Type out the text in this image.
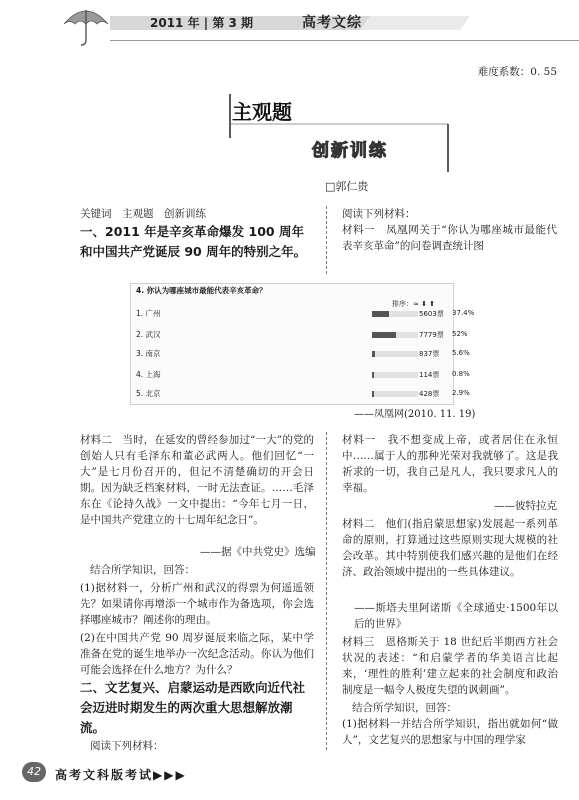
2011 年 | 第 3 期	高考文综
难度系数：0. 55
主观题
创新训练
□郭仁贵
关键词　主观题　创新训练
一、2011 年是辛亥革命爆发 100 周年和中国共产党诞辰 90 周年的特别之年。
阅读下列材料：
材料一　凤凰网关于“你认为哪座城市最能代表辛亥革命”的问卷调查统计图
4. 你认为哪座城市最能代表辛亥革命？
排序：≈ ⬇ ⬆
1. 广州	5603票 37.4%
2. 武汉	7779票 52%
3. 南京	837票 5.6%
4. 上海	114票 0.8%
5. 北京	428票 2.9%
——凤凰网(2010. 11. 19)
材料二　当时，在延安的曾经参加过“一大”的党的创始人只有毛泽东和董必武两人。他们回忆“一大”是七月份召开的，但记不清楚确切的开会日期。因为缺乏档案材料，一时无法查证。……毛泽东在《论持久战》一文中提出：“今年七月一日，是中国共产党建立的十七周年纪念日”。
——据《中共党史》选编
结合所学知识，回答：
(1)据材料一，分析广州和武汉的得票为何遥遥领先？如果请你再增添一个城市作为备选项，你会选择哪座城市？阐述你的理由。
(2)在中国共产党 90 周岁诞辰来临之际，某中学准备在党的诞生地举办一次纪念活动。你认为他们可能会选择在什么地方？为什么？
二、文艺复兴、启蒙运动是西欧向近代社会迈进时期发生的两次重大思想解放潮流。
阅读下列材料：
材料一　我不想变成上帝，或者居住在永恒中……属于人的那种光荣对我就够了。这是我祈求的一切，我自己是凡人，我只要求凡人的幸福。
——彼特拉克
材料二　他们(指启蒙思想家)发展起一系列革命的原则，打算通过这些原则实现大规模的社会改革。其中特别使我们感兴趣的是他们在经济、政治领域中提出的一些具体建议。
——斯塔夫里阿诺斯《全球通史·1500年以后的世界》
材料三　恩格斯关于 18 世纪后半期西方社会状况的表述：“和启蒙学者的华美语言比起来，‘理性的胜利’建立起来的社会制度和政治制度是一幅令人极度失望的讽刺画”。
结合所学知识，回答：
(1)据材料一并结合所学知识，指出就如何“做人”，文艺复兴的思想家与中国的理学家
42	高考文科版考试▶▶▶
